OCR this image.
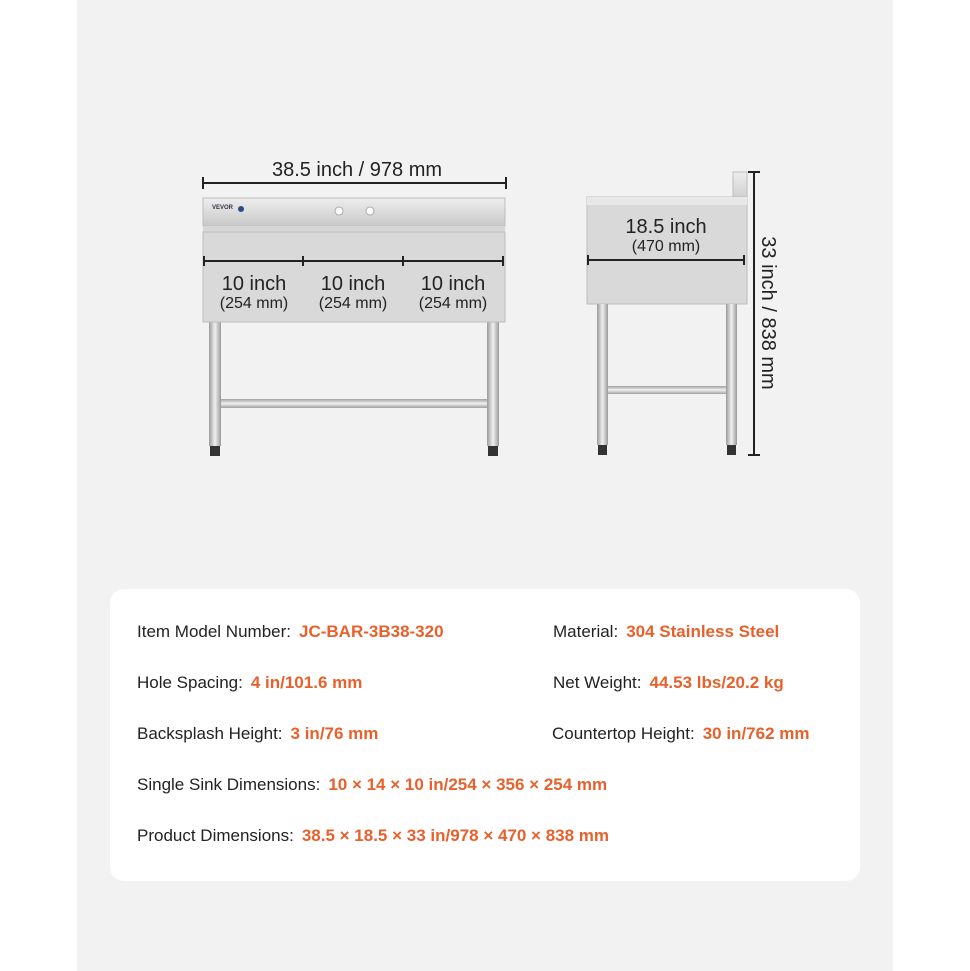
38.5 inch / 978 mm
VEVOR
10 inch
(254 mm)
10 inch
(254 mm)
10 inch
(254 mm)
18.5 inch
(470 mm)	33 inch / 838 mm
Item Model Number: JC-BAR-3B38-320	Material: 304 Stainless Steel
Hole Spacing: 4 in/101.6 mm	Net Weight: 44.53 lbs/20.2 kg
Backsplash Height: 3 in/76 mm	Countertop Height: 30 in/762 mm
Single Sink Dimensions: 10 × 14 × 10 in/254 × 356 × 254 mm
Product Dimensions: 38.5 × 18.5 × 33 in/978 × 470 × 838 mm
